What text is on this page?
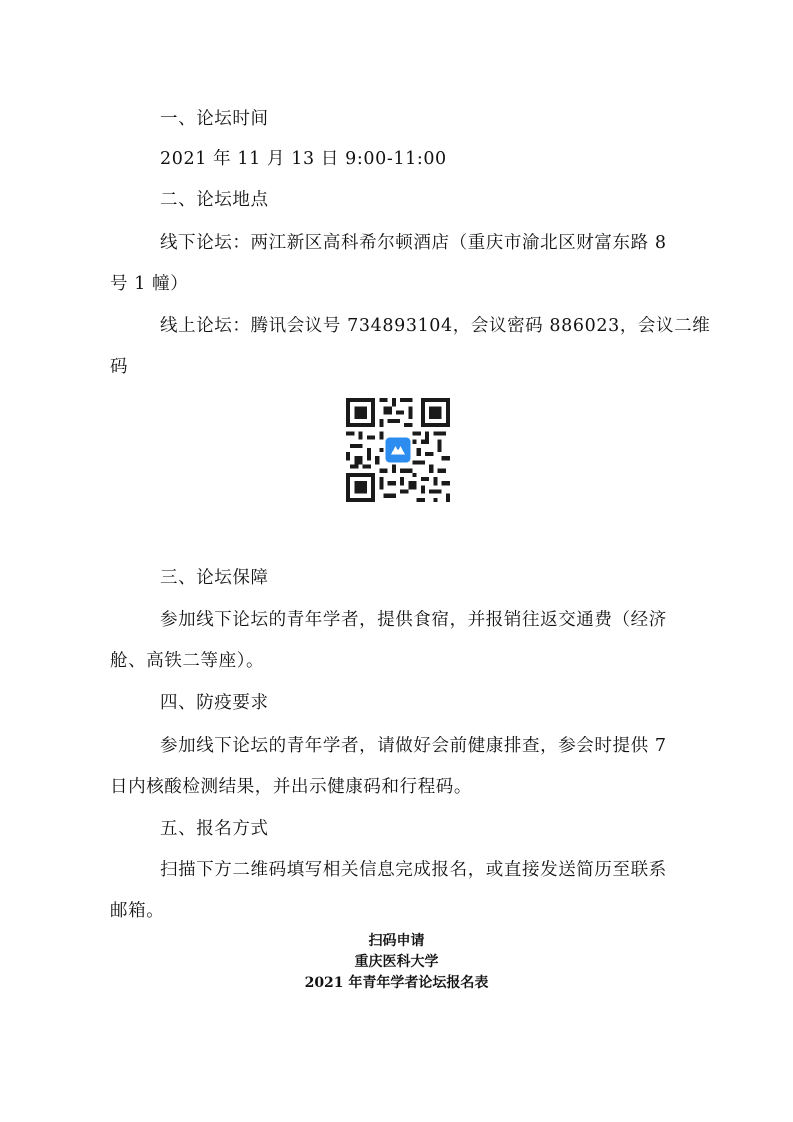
一、论坛时间
2021 年 11 月 13 日 9:00-11:00
二、论坛地点
线下论坛：两江新区高科希尔顿酒店（重庆市渝北区财富东路 8
号 1 幢）
线上论坛：腾讯会议号 734893104，会议密码 886023，会议二维
码
三、论坛保障
参加线下论坛的青年学者，提供食宿，并报销往返交通费（经济
舱、高铁二等座）。
四、防疫要求
参加线下论坛的青年学者，请做好会前健康排查，参会时提供 7
日内核酸检测结果，并出示健康码和行程码。
五、报名方式
扫描下方二维码填写相关信息完成报名，或直接发送简历至联系
邮箱。
扫码申请
重庆医科大学
2021 年青年学者论坛报名表
